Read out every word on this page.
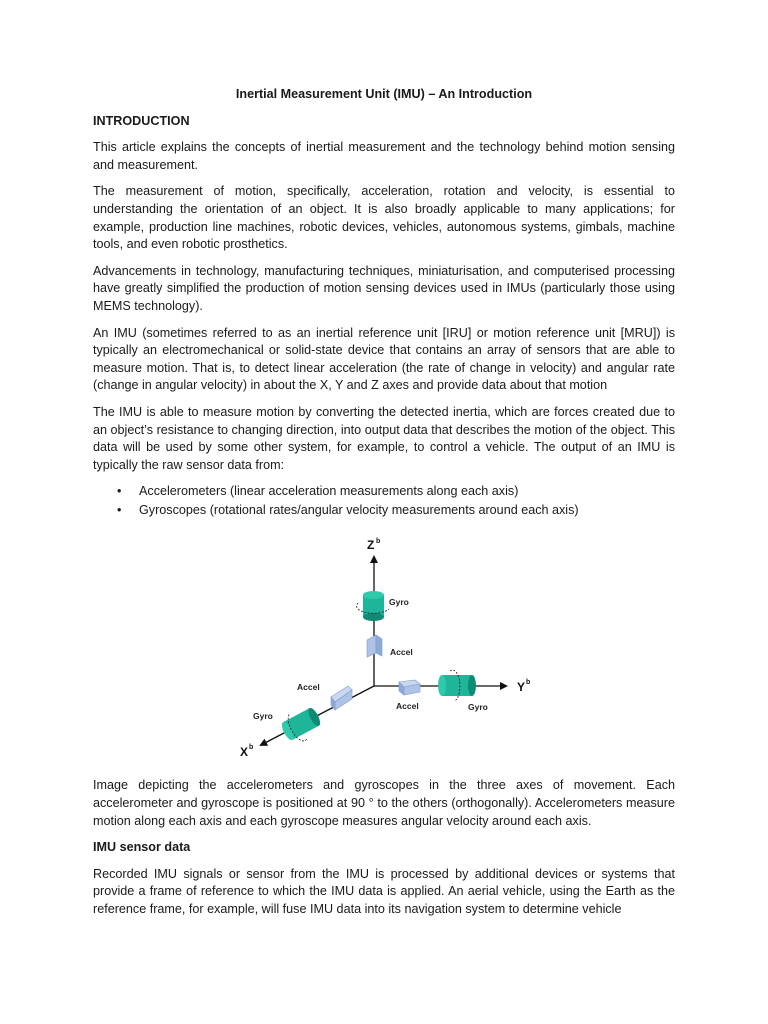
Inertial Measurement Unit (IMU) – An Introduction
INTRODUCTION

This article explains the concepts of inertial measurement and the technology behind motion sensing and measurement.

The measurement of motion, specifically, acceleration, rotation and velocity, is essential to understanding the orientation of an object. It is also broadly applicable to many applications; for example, production line machines, robotic devices, vehicles, autonomous systems, gimbals, machine tools, and even robotic prosthetics.

Advancements in technology, manufacturing techniques, miniaturisation, and computerised processing have greatly simplified the production of motion sensing devices used in IMUs (particularly those using MEMS technology).

An IMU (sometimes referred to as an inertial reference unit [IRU] or motion reference unit [MRU]) is typically an electromechanical or solid-state device that contains an array of sensors that are able to measure motion. That is, to detect linear acceleration (the rate of change in velocity) and angular rate (change in angular velocity) in about the X, Y and Z axes and provide data about that motion

The IMU is able to measure motion by converting the detected inertia, which are forces created due to an object’s resistance to changing direction, into output data that describes the motion of the object. This data will be used by some other system, for example, to control a vehicle. The output of an IMU is typically the raw sensor data from:

• Accelerometers (linear acceleration measurements along each axis)
• Gyroscopes (rotational rates/angular velocity measurements around each axis)
Gyro
Accel
Accel	Gyro
Accel
Gyro
Z b
Y b
X b

Image depicting the accelerometers and gyroscopes in the three axes of movement. Each accelerometer and gyroscope is positioned at 90 ° to the others (orthogonally). Accelerometers measure motion along each axis and each gyroscope measures angular velocity around each axis.

IMU sensor data

Recorded IMU signals or sensor from the IMU is processed by additional devices or systems that provide a frame of reference to which the IMU data is applied. An aerial vehicle, using the Earth as the reference frame, for example, will fuse IMU data into its navigation system to determine vehicle
